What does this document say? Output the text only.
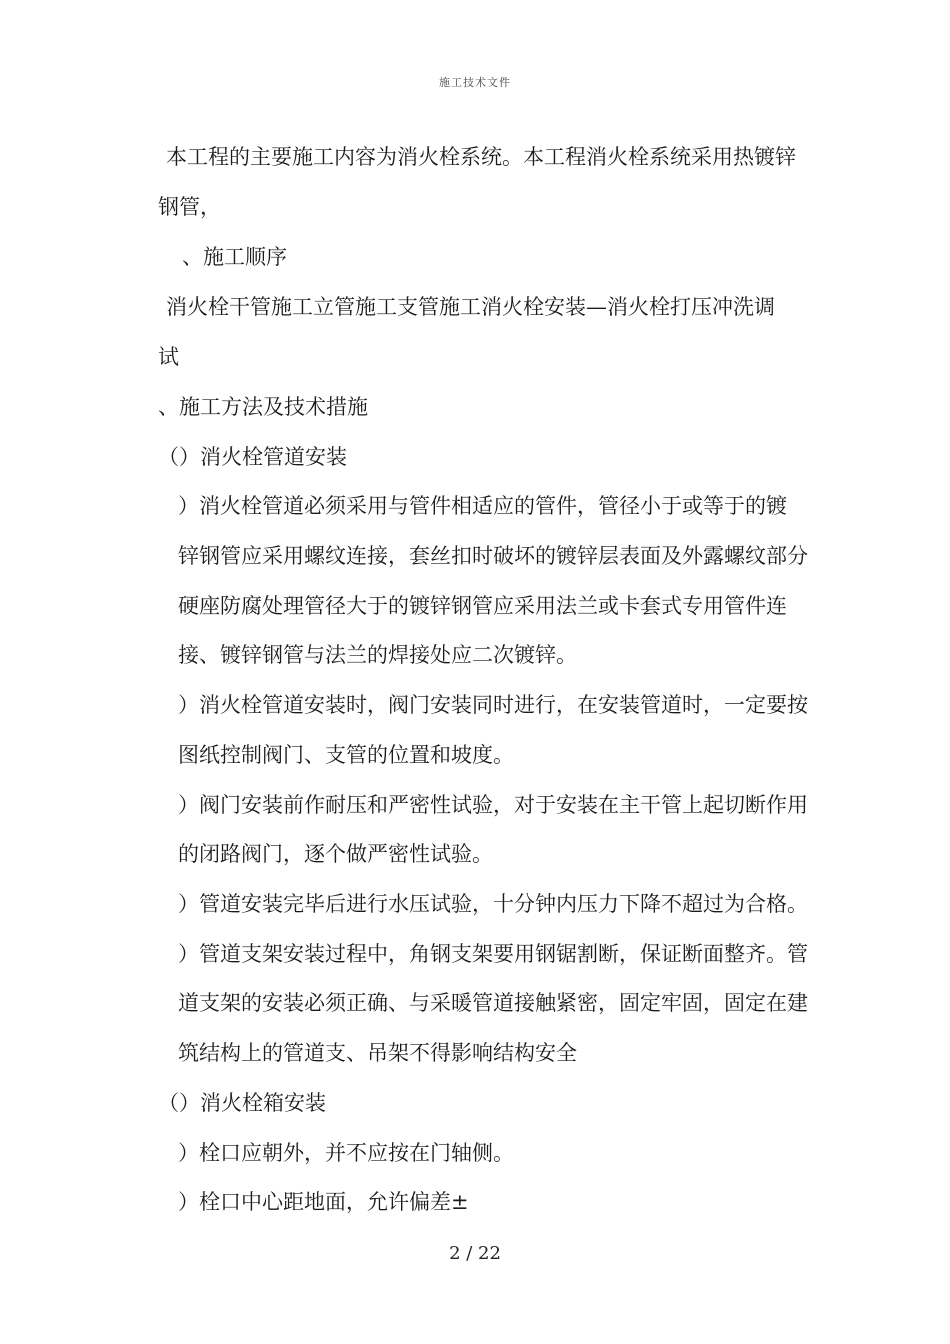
施工技术文件
本工程的主要施工内容为消火栓系统。本工程消火栓系统采用热镀锌
钢管，
、施工顺序
消火栓干管施工立管施工支管施工消火栓安装—消火栓打压冲洗调
试
、施工方法及技术措施
（）消火栓管道安装
）消火栓管道必须采用与管件相适应的管件，管径小于或等于的镀
锌钢管应采用螺纹连接，套丝扣时破坏的镀锌层表面及外露螺纹部分
硬座防腐处理管径大于的镀锌钢管应采用法兰或卡套式专用管件连
接、镀锌钢管与法兰的焊接处应二次镀锌。
）消火栓管道安装时，阀门安装同时进行，在安装管道时，一定要按
图纸控制阀门、支管的位置和坡度。
）阀门安装前作耐压和严密性试验，对于安装在主干管上起切断作用
的闭路阀门，逐个做严密性试验。
）管道安装完毕后进行水压试验，十分钟内压力下降不超过为合格。
）管道支架安装过程中，角钢支架要用钢锯割断，保证断面整齐。管
道支架的安装必须正确、与采暖管道接触紧密，固定牢固，固定在建
筑结构上的管道支、吊架不得影响结构安全
（）消火栓箱安装
）栓口应朝外，并不应按在门轴侧。
）栓口中心距地面，允许偏差±
2 / 22
